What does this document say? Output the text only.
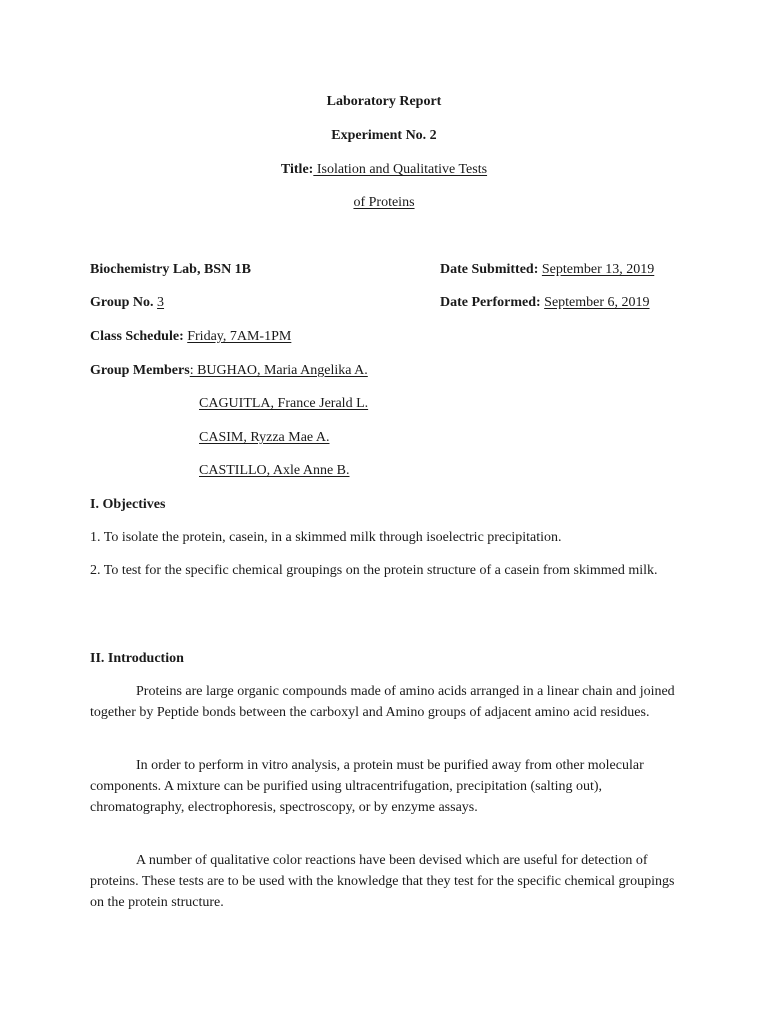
Laboratory Report
Experiment No. 2
Title: Isolation and Qualitative Tests
of Proteins
Biochemistry Lab, BSN 1B	Date Submitted: September 13, 2019
Group No. 3	Date Performed: September 6, 2019
Class Schedule: Friday, 7AM-1PM
Group Members: BUGHAO, Maria Angelika A.
CAGUITLA, France Jerald L.
CASIM, Ryzza Mae A.
CASTILLO, Axle Anne B.
I. Objectives
1. To isolate the protein, casein, in a skimmed milk through isoelectric precipitation.
2. To test for the specific chemical groupings on the protein structure of a casein from skimmed milk.
II. Introduction
Proteins are large organic compounds made of amino acids arranged in a linear chain and joined together by Peptide bonds between the carboxyl and Amino groups of adjacent amino acid residues.
In order to perform in vitro analysis, a protein must be purified away from other molecular components. A mixture can be purified using ultracentrifugation, precipitation (salting out), chromatography, electrophoresis, spectroscopy, or by enzyme assays.
A number of qualitative color reactions have been devised which are useful for detection of proteins. These tests are to be used with the knowledge that they test for the specific chemical groupings on the protein structure.
